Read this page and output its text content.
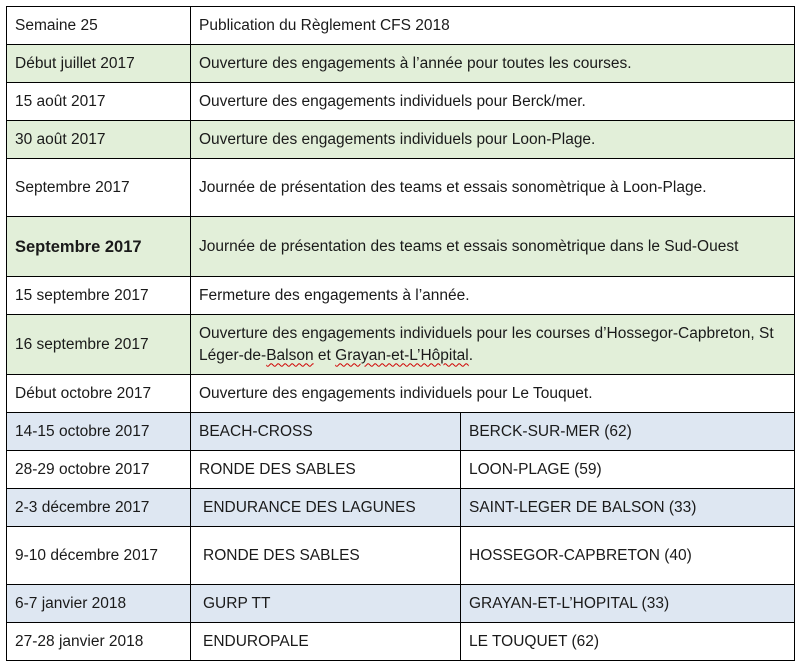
Semaine 25	Publication du Règlement CFS 2018	
Début juillet 2017	Ouverture des engagements à l’année pour toutes les courses.	
15 août 2017	Ouverture des engagements individuels pour Berck/mer.	
30 août 2017	Ouverture des engagements individuels pour Loon-Plage.	
Septembre 2017	Journée de présentation des teams et essais sonomètrique à Loon-Plage.	
Septembre 2017	Journée de présentation des teams et essais sonomètrique dans le Sud-Ouest	
15 septembre 2017	Fermeture des engagements à l’année.	
16 septembre 2017	Ouverture des engagements individuels pour les courses d’Hossegor-Capbreton, St Léger-de-Balson et Grayan-et-L’Hôpital.	
Début octobre 2017	Ouverture des engagements individuels pour Le Touquet.	
14-15 octobre 2017	BEACH-CROSS	BERCK-SUR-MER (62)
28-29 octobre 2017	RONDE DES SABLES	LOON-PLAGE (59)
2-3 décembre 2017	ENDURANCE DES LAGUNES	SAINT-LEGER DE BALSON (33)
9-10 décembre 2017	RONDE DES SABLES	HOSSEGOR-CAPBRETON (40)
6-7 janvier 2018	GURP TT	GRAYAN-ET-L’HOPITAL (33)
27-28 janvier 2018	ENDUROPALE	LE TOUQUET (62)
